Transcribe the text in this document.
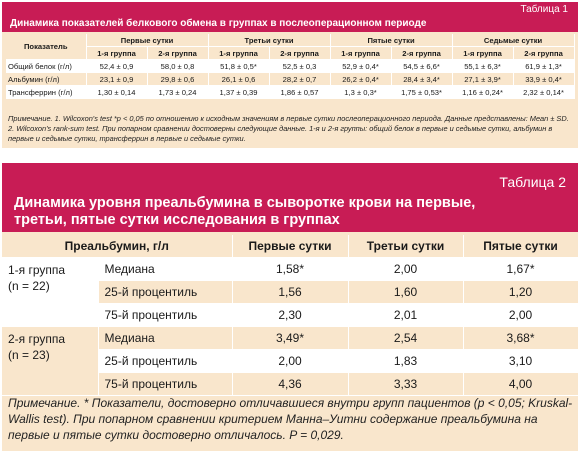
Таблица 1
Динамика показателей белкового обмена в группах в послеоперационном периоде
Показатель	Первые сутки		Третьи сутки		Пятые сутки		Седьмые сутки	
	1-я группа	2-я группа	1-я группа	2-я группа	1-я группа	2-я группа	1-я группа	2-я группа
Общий белок (г/л)	52,4 ± 0,9	58,0 ± 0,8	51,8 ± 0,5*	52,5 ± 0,3	52,9 ± 0,4*	54,5 ± 6,6*	55,1 ± 6,3*	61,9 ± 1,3*
Альбумин (г/л)	23,1 ± 0,9	29,8 ± 0,6	26,1 ± 0,6	28,2 ± 0,7	26,2 ± 0,4*	28,4 ± 3,4*	27,1 ± 3,9*	33,9 ± 0,4*
Трансферрин (г/л)	1,30 ± 0,14	1,73 ± 0,24	1,37 ± 0,39	1,86 ± 0,57	1,3 ± 0,3*	1,75 ± 0,53*	1,16 ± 0,24*	2,32 ± 0,14*
Примечание. 1. Wilcoxon's test *p < 0,05 по отношению к исходным значениям в первые сутки послеоперационного периода. Данные представлены: Mean ± SD. 2. Wilcoxon's rank-sum test. При попарном сравнении достоверны следующие данные. 1-я и 2-я группы: общий белок в первые и седьмые сутки, альбумин в первые и седьмые сутки, трансферрин в первые и седьмые сутки.
Таблица 2
Динамика уровня преальбумина в сыворотке крови на первые, третьи, пятые сутки исследования в группах
Преальбумин, г/л		Первые сутки	Третьи сутки	Пятые сутки
1-я группа
(n = 22)	Медиана	1,58*	2,00	1,67*
	25-й процентиль	1,56	1,60	1,20
	75-й процентиль	2,30	2,01	2,00
2-я группа
(n = 23)	Медиана	3,49*	2,54	3,68*
	25-й процентиль	2,00	1,83	3,10
	75-й процентиль	4,36	3,33	4,00
Примечание. * Показатели, достоверно отличавшиеся внутри групп пациентов (p < 0,05; Kruskal-Wallis test). При попарном сравнении критерием Манна–Уитни содержание преальбумина на первые и пятые сутки достоверно отличалось. P = 0,029.
